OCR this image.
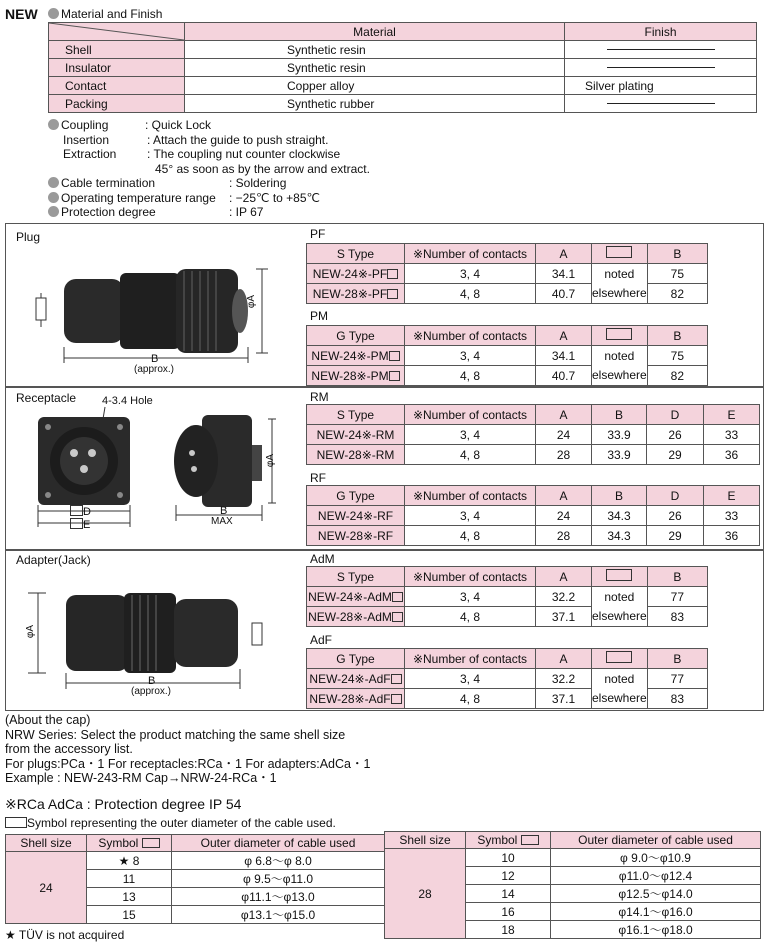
NEW	Material and Finish
	Material	Finish
Shell	Synthetic resin	

Insulator	Synthetic resin	

Contact	Copper alloy	Silver plating
Packing	Synthetic rubber	
Coupling	: Quick Lock
Insertion	: Attach the guide to push straight.
Extraction	: The coupling nut counter clockwise
45° as soon as by the arrow and extract.
Cable termination	: Soldering
Operating temperature range : −25℃ to +85℃
Protection degree	: IP 67
Plug
φA
B
(approx.)
Receptacle 4-3.4 Hole
D
E
φA
B
MAX
Adapter(Jack)
φA
B
(approx.)
PF
S Type	※Number of contacts	A		B
NEW-24※-PF	3, 4	34.1	noted	75
NEW-28※-PF	4, 8	40.7	elsewhere	82
PM
G Type	※Number of contacts	A		B
NEW-24※-PM	3, 4	34.1	noted	75
NEW-28※-PM	4, 8	40.7	elsewhere	82
RM
S Type	※Number of contacts	A	B	D	E
NEW-24※-RM	3, 4	24	33.9	26	33
NEW-28※-RM	4, 8	28	33.9	29	36
RF
G Type	※Number of contacts	A	B	D	E
NEW-24※-RF	3, 4	24	34.3	26	33
NEW-28※-RF	4, 8	28	34.3	29	36
AdM
S Type	※Number of contacts	A		B
NEW-24※-AdM	3, 4	32.2	noted	77
NEW-28※-AdM	4, 8	37.1	elsewhere	83
AdF
G Type	※Number of contacts	A		B
NEW-24※-AdF	3, 4	32.2	noted	77
NEW-28※-AdF	4, 8	37.1	elsewhere	83
(About the cap)
NRW Series: Select the product matching the same shell size
from the accessory list.
For plugs:PCa・1 For receptacles:RCa・1 For adapters:AdCa・1
Example : NEW-243-RM Cap→NRW-24-RCa・1
※RCa AdCa : Protection degree IP 54
Symbol representing the outer diameter of the cable used.
Shell size	Symbol	Outer diameter of cable used
24	★ 8	φ 6.8〜φ 8.0
	11	φ 9.5〜φ11.0
	13	φ11.1〜φ13.0
	15	φ13.1〜φ15.0
Shell size	Symbol	Outer diameter of cable used
28	10	φ 9.0〜φ10.9
	12	φ11.0〜φ12.4
	14	φ12.5〜φ14.0
	16	φ14.1〜φ16.0
	18	φ16.1〜φ18.0
★ TÜV is not acquired
